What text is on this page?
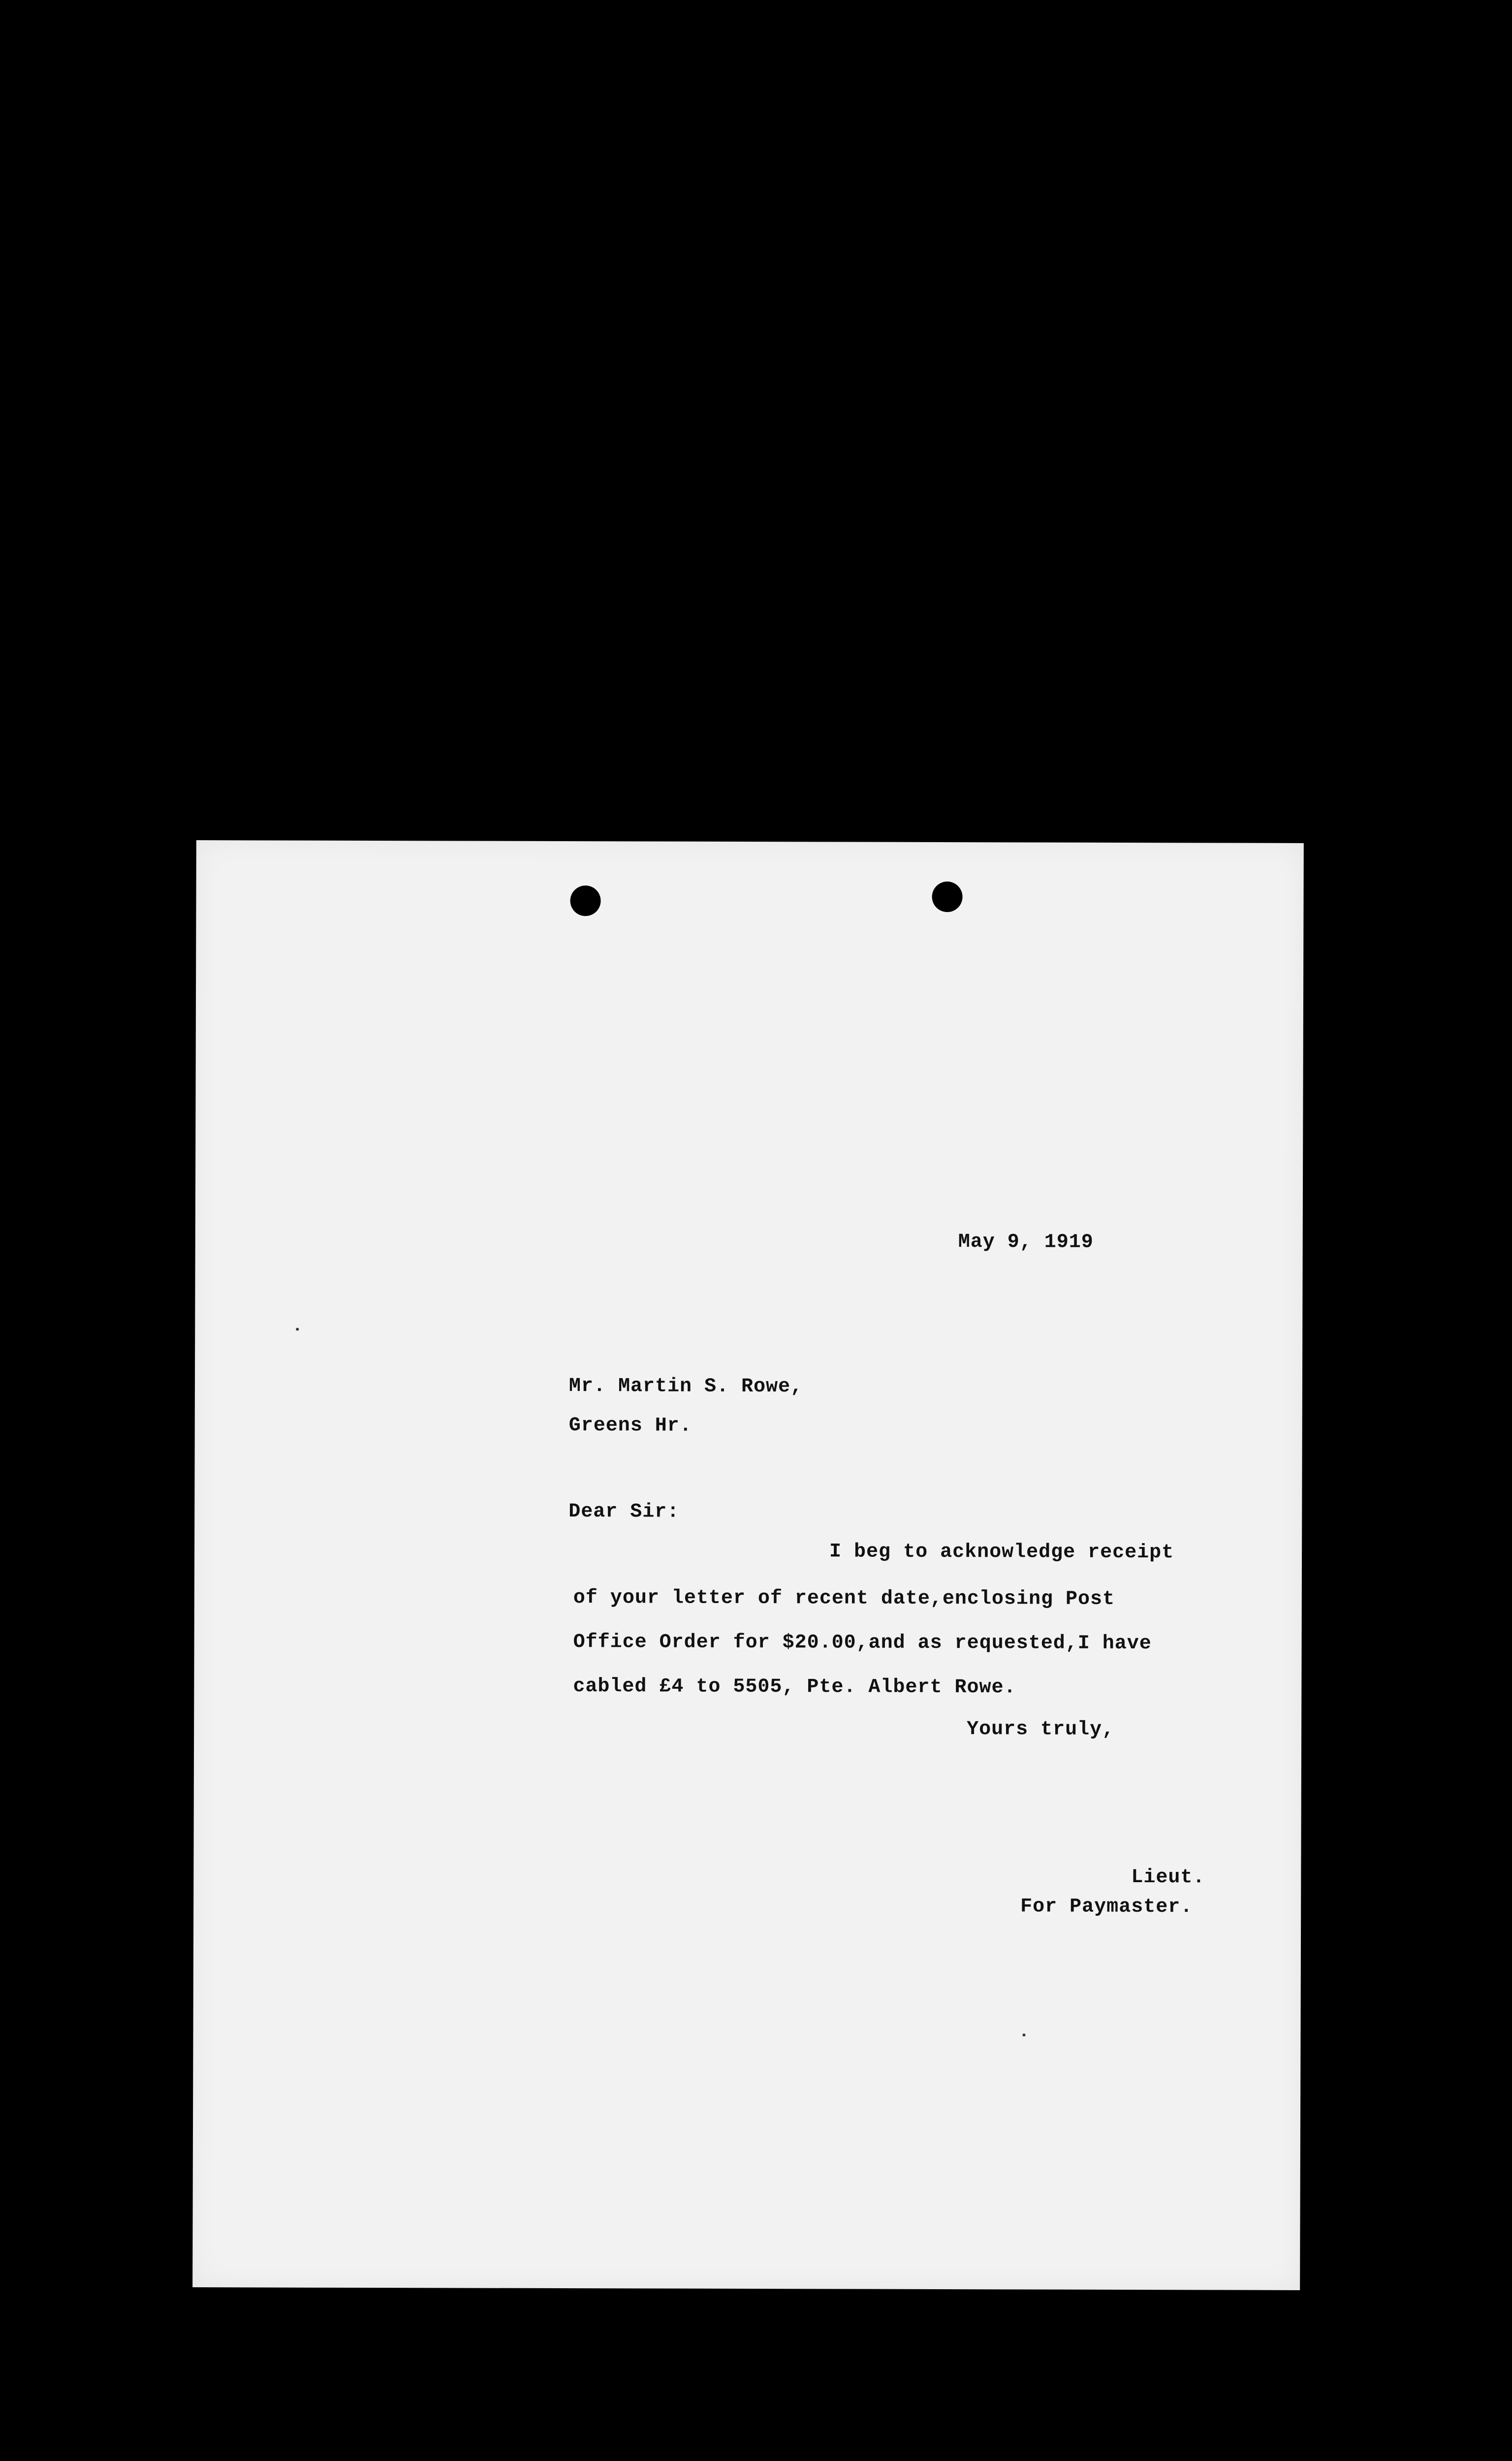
May 9, 1919
Mr. Martin S. Rowe,
Greens Hr.
Dear Sir:
I beg to acknowledge receipt
of your letter of recent date,enclosing Post
Office Order for $20.00,and as requested,I have
cabled £4 to 5505, Pte. Albert Rowe.
Yours truly,
Lieut.
For Paymaster.
